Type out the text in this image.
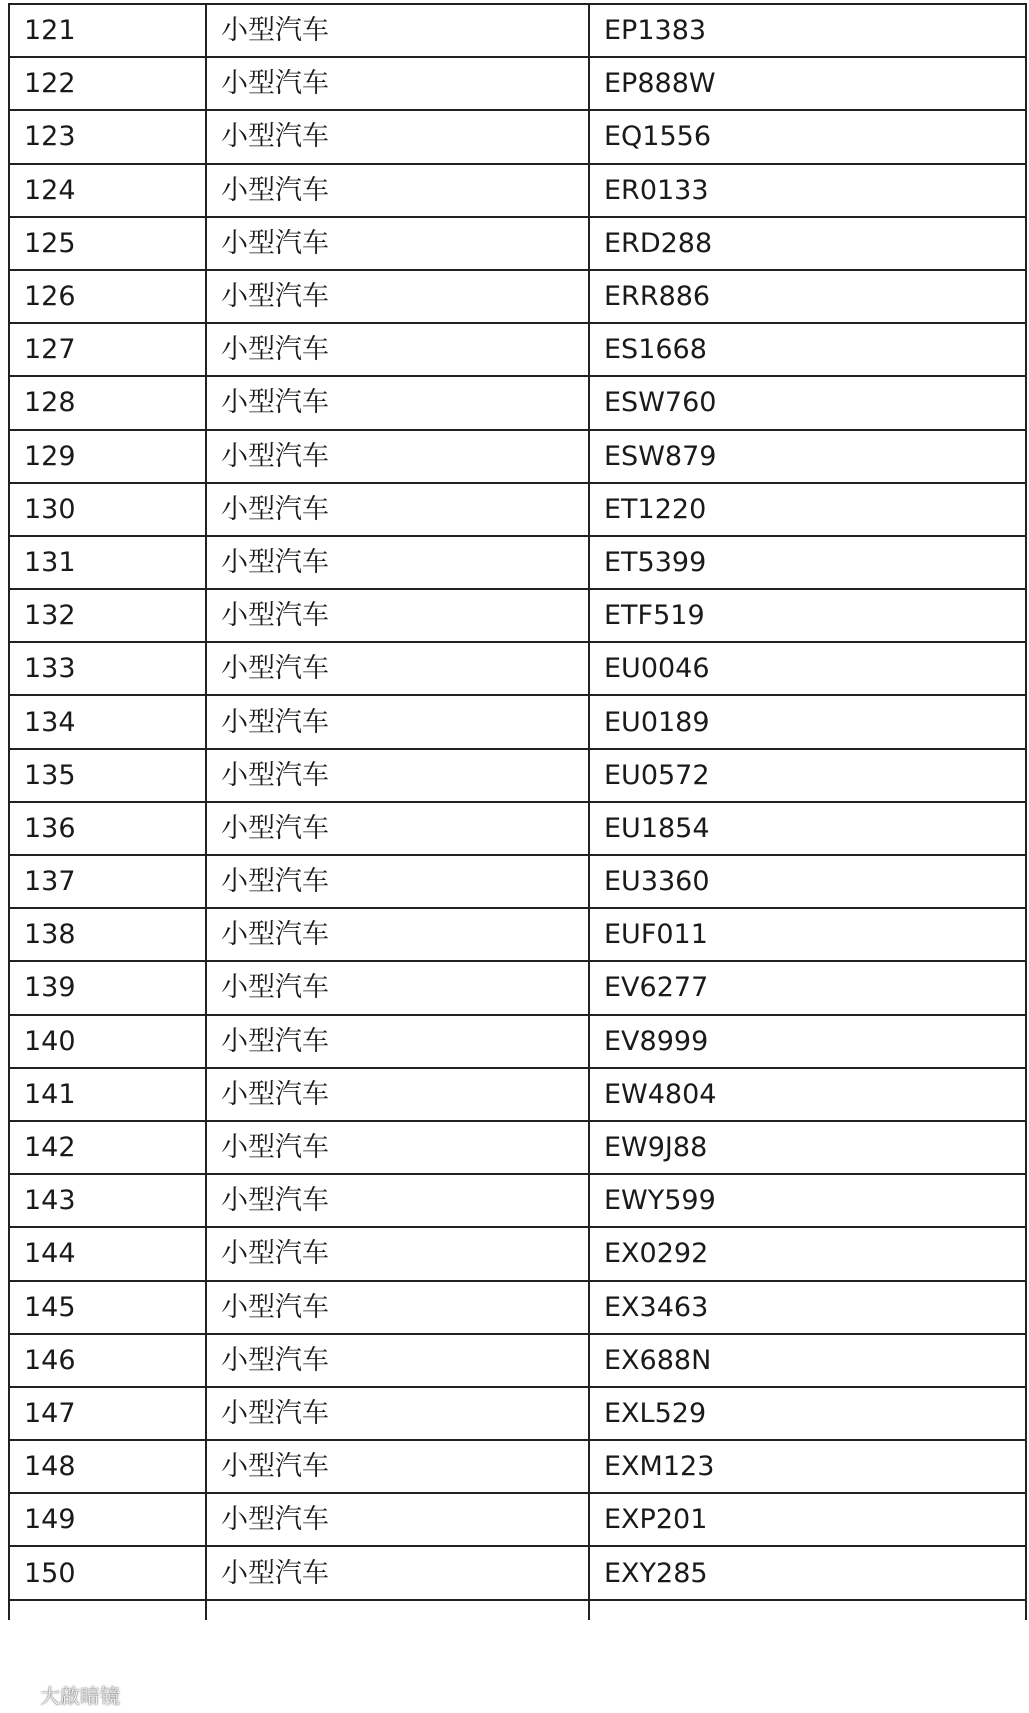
121	小型汽车	EP1383
122	小型汽车	EP888W
123	小型汽车	EQ1556
124	小型汽车	ER0133
125	小型汽车	ERD288
126	小型汽车	ERR886
127	小型汽车	ES1668
128	小型汽车	ESW760
129	小型汽车	ESW879
130	小型汽车	ET1220
131	小型汽车	ET5399
132	小型汽车	ETF519
133	小型汽车	EU0046
134	小型汽车	EU0189
135	小型汽车	EU0572
136	小型汽车	EU1854
137	小型汽车	EU3360
138	小型汽车	EUF011
139	小型汽车	EV6277
140	小型汽车	EV8999
141	小型汽车	EW4804
142	小型汽车	EW9J88
143	小型汽车	EWY599
144	小型汽车	EX0292
145	小型汽车	EX3463
146	小型汽车	EX688N
147	小型汽车	EXL529
148	小型汽车	EXM123
149	小型汽车	EXP201
150	小型汽车	EXY285

大啟暗镜
